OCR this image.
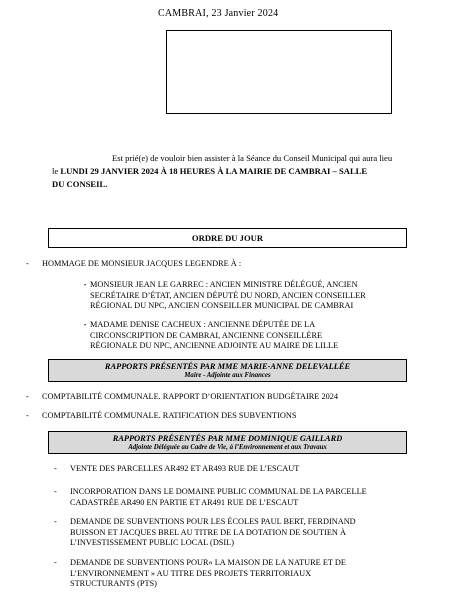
CAMBRAI, 23 Janvier 2024
Est prié(e) de vouloir bien assister à la Séance du Conseil Municipal qui aura lieu
le LUNDI 29 JANVIER 2024 À 18 HEURES À LA MAIRIE DE CAMBRAI – SALLE
DU CONSEIL.
ORDRE DU JOUR
- HOMMAGE DE MONSIEUR JACQUES LEGENDRE À :
• MONSIEUR JEAN LE GARREC : ANCIEN MINISTRE DÉLÉGUÉ, ANCIEN
SECRÉTAIRE D’ÉTAT, ANCIEN DÉPUTÉ DU NORD, ANCIEN CONSEILLER
RÉGIONAL DU NPC, ANCIEN CONSEILLER MUNICIPAL DE CAMBRAI
• MADAME DENISE CACHEUX : ANCIENNE DÉPUTÉE DE LA
CIRCONSCRIPTION DE CAMBRAI, ANCIENNE CONSEILLÈRE
RÉGIONALE DU NPC, ANCIENNE ADJOINTE AU MAIRE DE LILLE
RAPPORTS PRÉSENTÉS PAR MME MARIE-ANNE DELEVALLÉE
Maire - Adjointe aux Finances
- COMPTABILITÉ COMMUNALE. RAPPORT D’ORIENTATION BUDGÉTAIRE 2024
- COMPTABILITÉ COMMUNALE. RATIFICATION DES SUBVENTIONS
RAPPORTS PRÉSENTÉS PAR MME DOMINIQUE GAILLARD
Adjointe Déléguée au Cadre de Vie, à l’Environnement et aux Travaux
- VENTE DES PARCELLES AR492 ET AR493 RUE DE L’ESCAUT
- INCORPORATION DANS LE DOMAINE PUBLIC COMMUNAL DE LA PARCELLE
CADASTRÉE AR490 EN PARTIE ET AR491 RUE DE L’ESCAUT
- DEMANDE DE SUBVENTIONS POUR LES ÉCOLES PAUL BERT, FERDINAND
BUISSON ET JACQUES BREL AU TITRE DE LA DOTATION DE SOUTIEN À
L’INVESTISSEMENT PUBLIC LOCAL (DSIL)
- DEMANDE DE SUBVENTIONS POUR« LA MAISON DE LA NATURE ET DE
L’ENVIRONNEMENT » AU TITRE DES PROJETS TERRITORIAUX
STRUCTURANTS (PTS)
